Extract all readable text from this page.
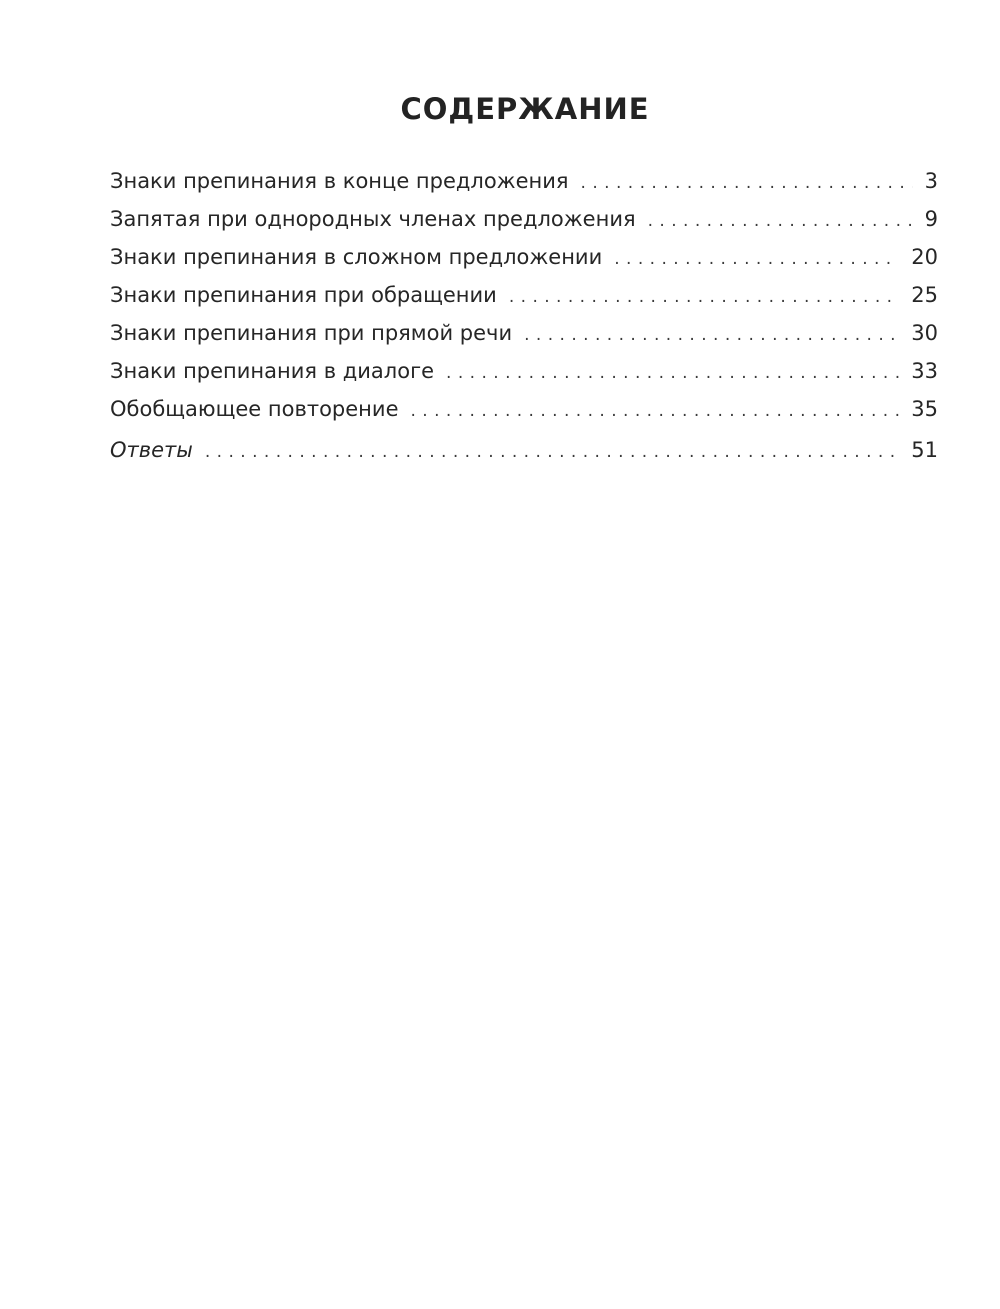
СОДЕРЖАНИЕ
Знаки препинания в конце предложения . . .	3
Запятая при однородных членах предложения . . .	9
Знаки препинания в сложном предложении . . .	20
Знаки препинания при обращении . . .	25
Знаки препинания при прямой речи . . .	30
Знаки препинания в диалоге . . .	33
Обобщающее повторение . . .	35
Ответы . . .	51
